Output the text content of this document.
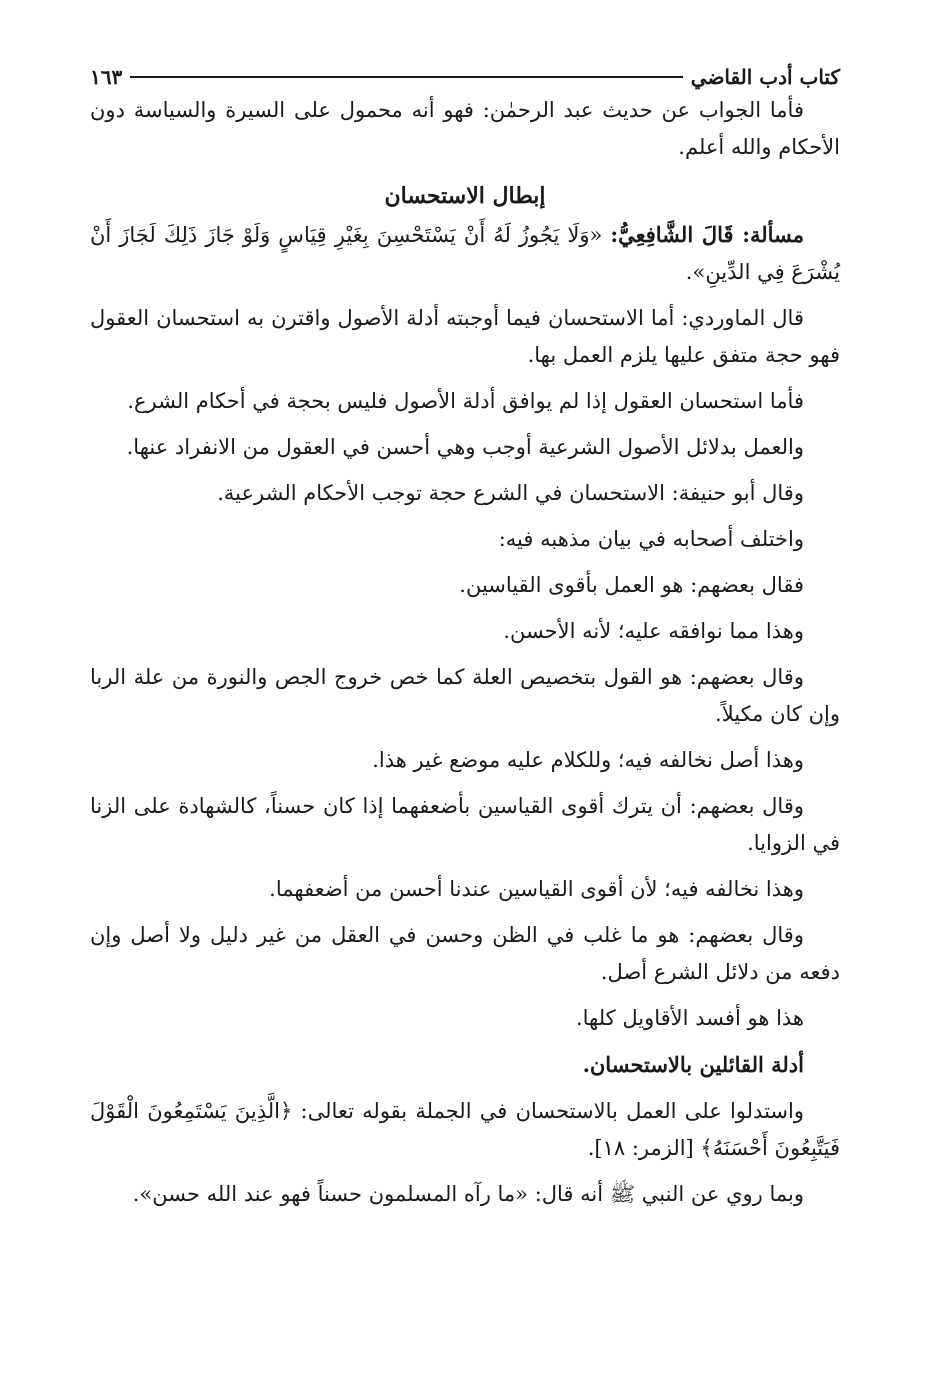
كتاب أدب القاضي
١٦٣

فأما الجواب عن حديث عبد الرحمٰن: فهو أنه محمول على السيرة والسياسة دون الأحكام والله أعلم.

إبطال الاستحسان

مسألة: قَالَ الشَّافِعِيُّ: «وَلَا يَجُوزُ لَهُ أَنْ يَسْتَحْسِنَ بِغَيْرِ قِيَاسٍ وَلَوْ جَازَ ذَلِكَ لَجَازَ أَنْ يُشْرَعَ فِي الدِّينِ».

قال الماوردي: أما الاستحسان فيما أوجبته أدلة الأصول واقترن به استحسان العقول فهو حجة متفق عليها يلزم العمل بها.

فأما استحسان العقول إذا لم يوافق أدلة الأصول فليس بحجة في أحكام الشرع.

والعمل بدلائل الأصول الشرعية أوجب وهي أحسن في العقول من الانفراد عنها.

وقال أبو حنيفة: الاستحسان في الشرع حجة توجب الأحكام الشرعية.

واختلف أصحابه في بيان مذهبه فيه:

فقال بعضهم: هو العمل بأقوى القياسين.

وهذا مما نوافقه عليه؛ لأنه الأحسن.

وقال بعضهم: هو القول بتخصيص العلة كما خص خروج الجص والنورة من علة الربا وإن كان مكيلاً.

وهذا أصل نخالفه فيه؛ وللكلام عليه موضع غير هذا.

وقال بعضهم: أن يترك أقوى القياسين بأضعفهما إذا كان حسناً، كالشهادة على الزنا في الزوايا.

وهذا نخالفه فيه؛ لأن أقوى القياسين عندنا أحسن من أضعفهما.

وقال بعضهم: هو ما غلب في الظن وحسن في العقل من غير دليل ولا أصل وإن دفعه من دلائل الشرع أصل.

هذا هو أفسد الأقاويل كلها.

أدلة القائلين بالاستحسان.

واستدلوا على العمل بالاستحسان في الجملة بقوله تعالى: ﴿الَّذِينَ يَسْتَمِعُونَ الْقَوْلَ فَيَتَّبِعُونَ أَحْسَنَهُ﴾ [الزمر: ١٨].

وبما روي عن النبي ﷺ أنه قال: «ما رآه المسلمون حسناً فهو عند الله حسن».
